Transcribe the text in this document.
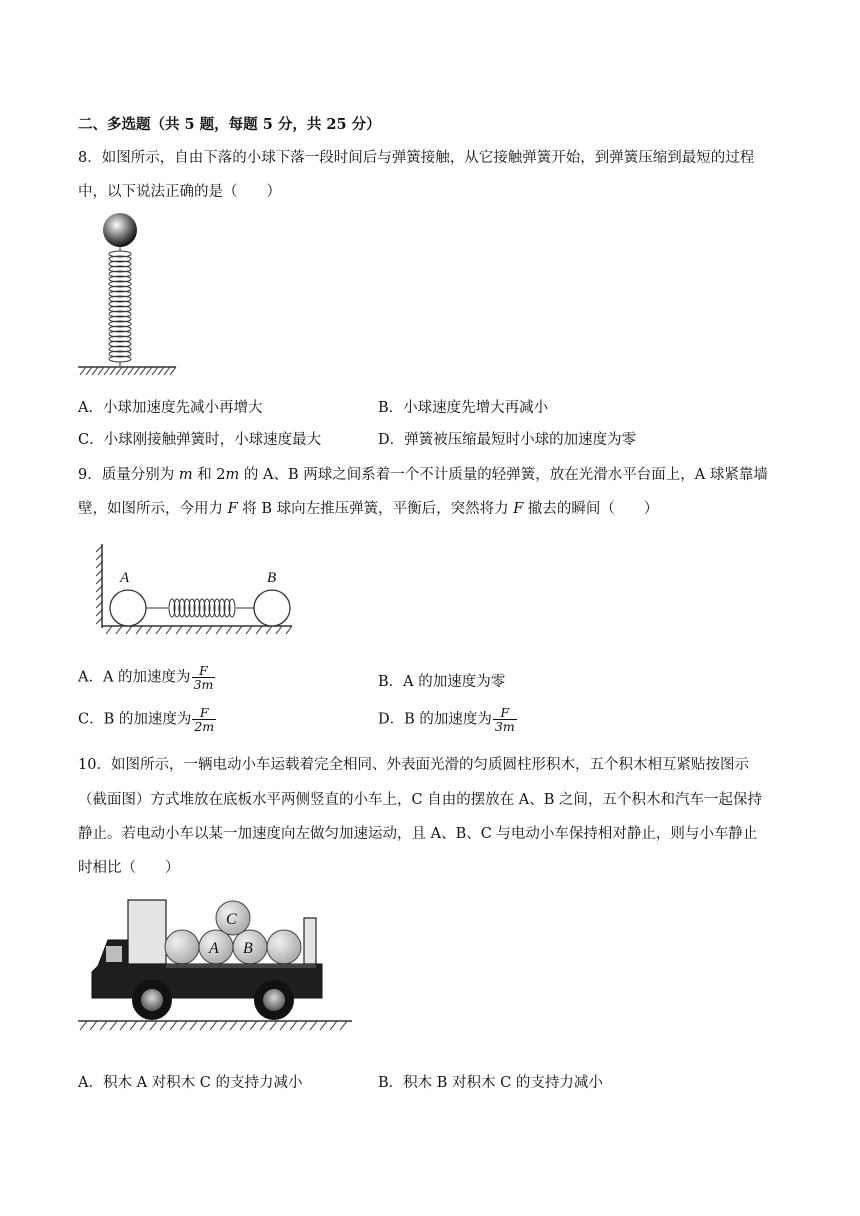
二、多选题（共 5 题，每题 5 分，共 25 分）
8．如图所示，自由下落的小球下落一段时间后与弹簧接触，从它接触弹簧开始，到弹簧压缩到最短的过程
中，以下说法正确的是（　　）
A．小球加速度先减小再增大	B．小球速度先增大再减小
C．小球刚接触弹簧时，小球速度最大	D．弹簧被压缩最短时小球的加速度为零
9．质量分别为 m 和 2m 的 A、B 两球之间系着一个不计质量的轻弹簧，放在光滑水平台面上，A 球紧靠墙
壁，如图所示，今用力 F 将 B 球向左推压弹簧，平衡后，突然将力 F 撤去的瞬间（　　）
A	B
A．A 的加速度为 $\frac{F}{3m}$	B．A 的加速度为零
C．B 的加速度为 $\frac{F}{2m}$	D．B 的加速度为 $\frac{F}{3m}$
10．如图所示，一辆电动小车运载着完全相同、外表面光滑的匀质圆柱形积木，五个积木相互紧贴按图示
（截面图）方式堆放在底板水平两侧竖直的小车上，C 自由的摆放在 A、B 之间，五个积木和汽车一起保持
静止。若电动小车以某一加速度向左做匀加速运动，且 A、B、C 与电动小车保持相对静止，则与小车静止
时相比（　　）
A B
C
A．积木 A 对积木 C 的支持力减小	B．积木 B 对积木 C 的支持力减小
